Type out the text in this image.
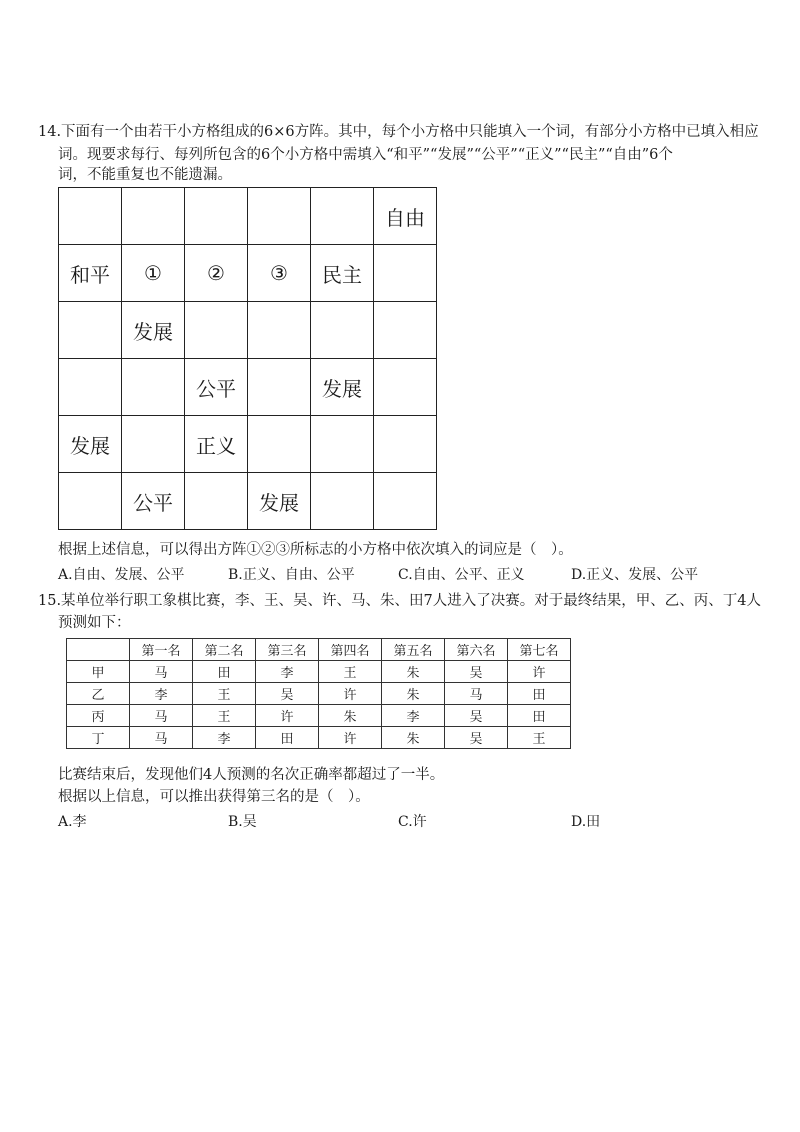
14.下面有一个由若干小方格组成的6×6方阵。其中，每个小方格中只能填入一个词，有部分小方格中已填入相应
词。现要求每行、每列所包含的6个小方格中需填入“和平”“发展”“公平”“正义”“民主”“自由”6个
词，不能重复也不能遗漏。
					自由
和平	①	②	③	民主	
	发展				
		公平		发展	
发展		正义			
	公平		发展		
根据上述信息，可以得出方阵①②③所标志的小方格中依次填入的词应是（　）。
A.自由、发展、公平	B.正义、自由、公平	C.自由、公平、正义	D.正义、发展、公平
15.某单位举行职工象棋比赛，李、王、吴、许、马、朱、田7人进入了决赛。对于最终结果，甲、乙、丙、丁4人
预测如下：
	第一名	第二名	第三名	第四名	第五名	第六名	第七名
甲	马	田	李	王	朱	吴	许
乙	李	王	吴	许	朱	马	田
丙	马	王	许	朱	李	吴	田
丁	马	李	田	许	朱	吴	王
比赛结束后，发现他们4人预测的名次正确率都超过了一半。
根据以上信息，可以推出获得第三名的是（　）。
A.李	B.吴	C.许	D.田
